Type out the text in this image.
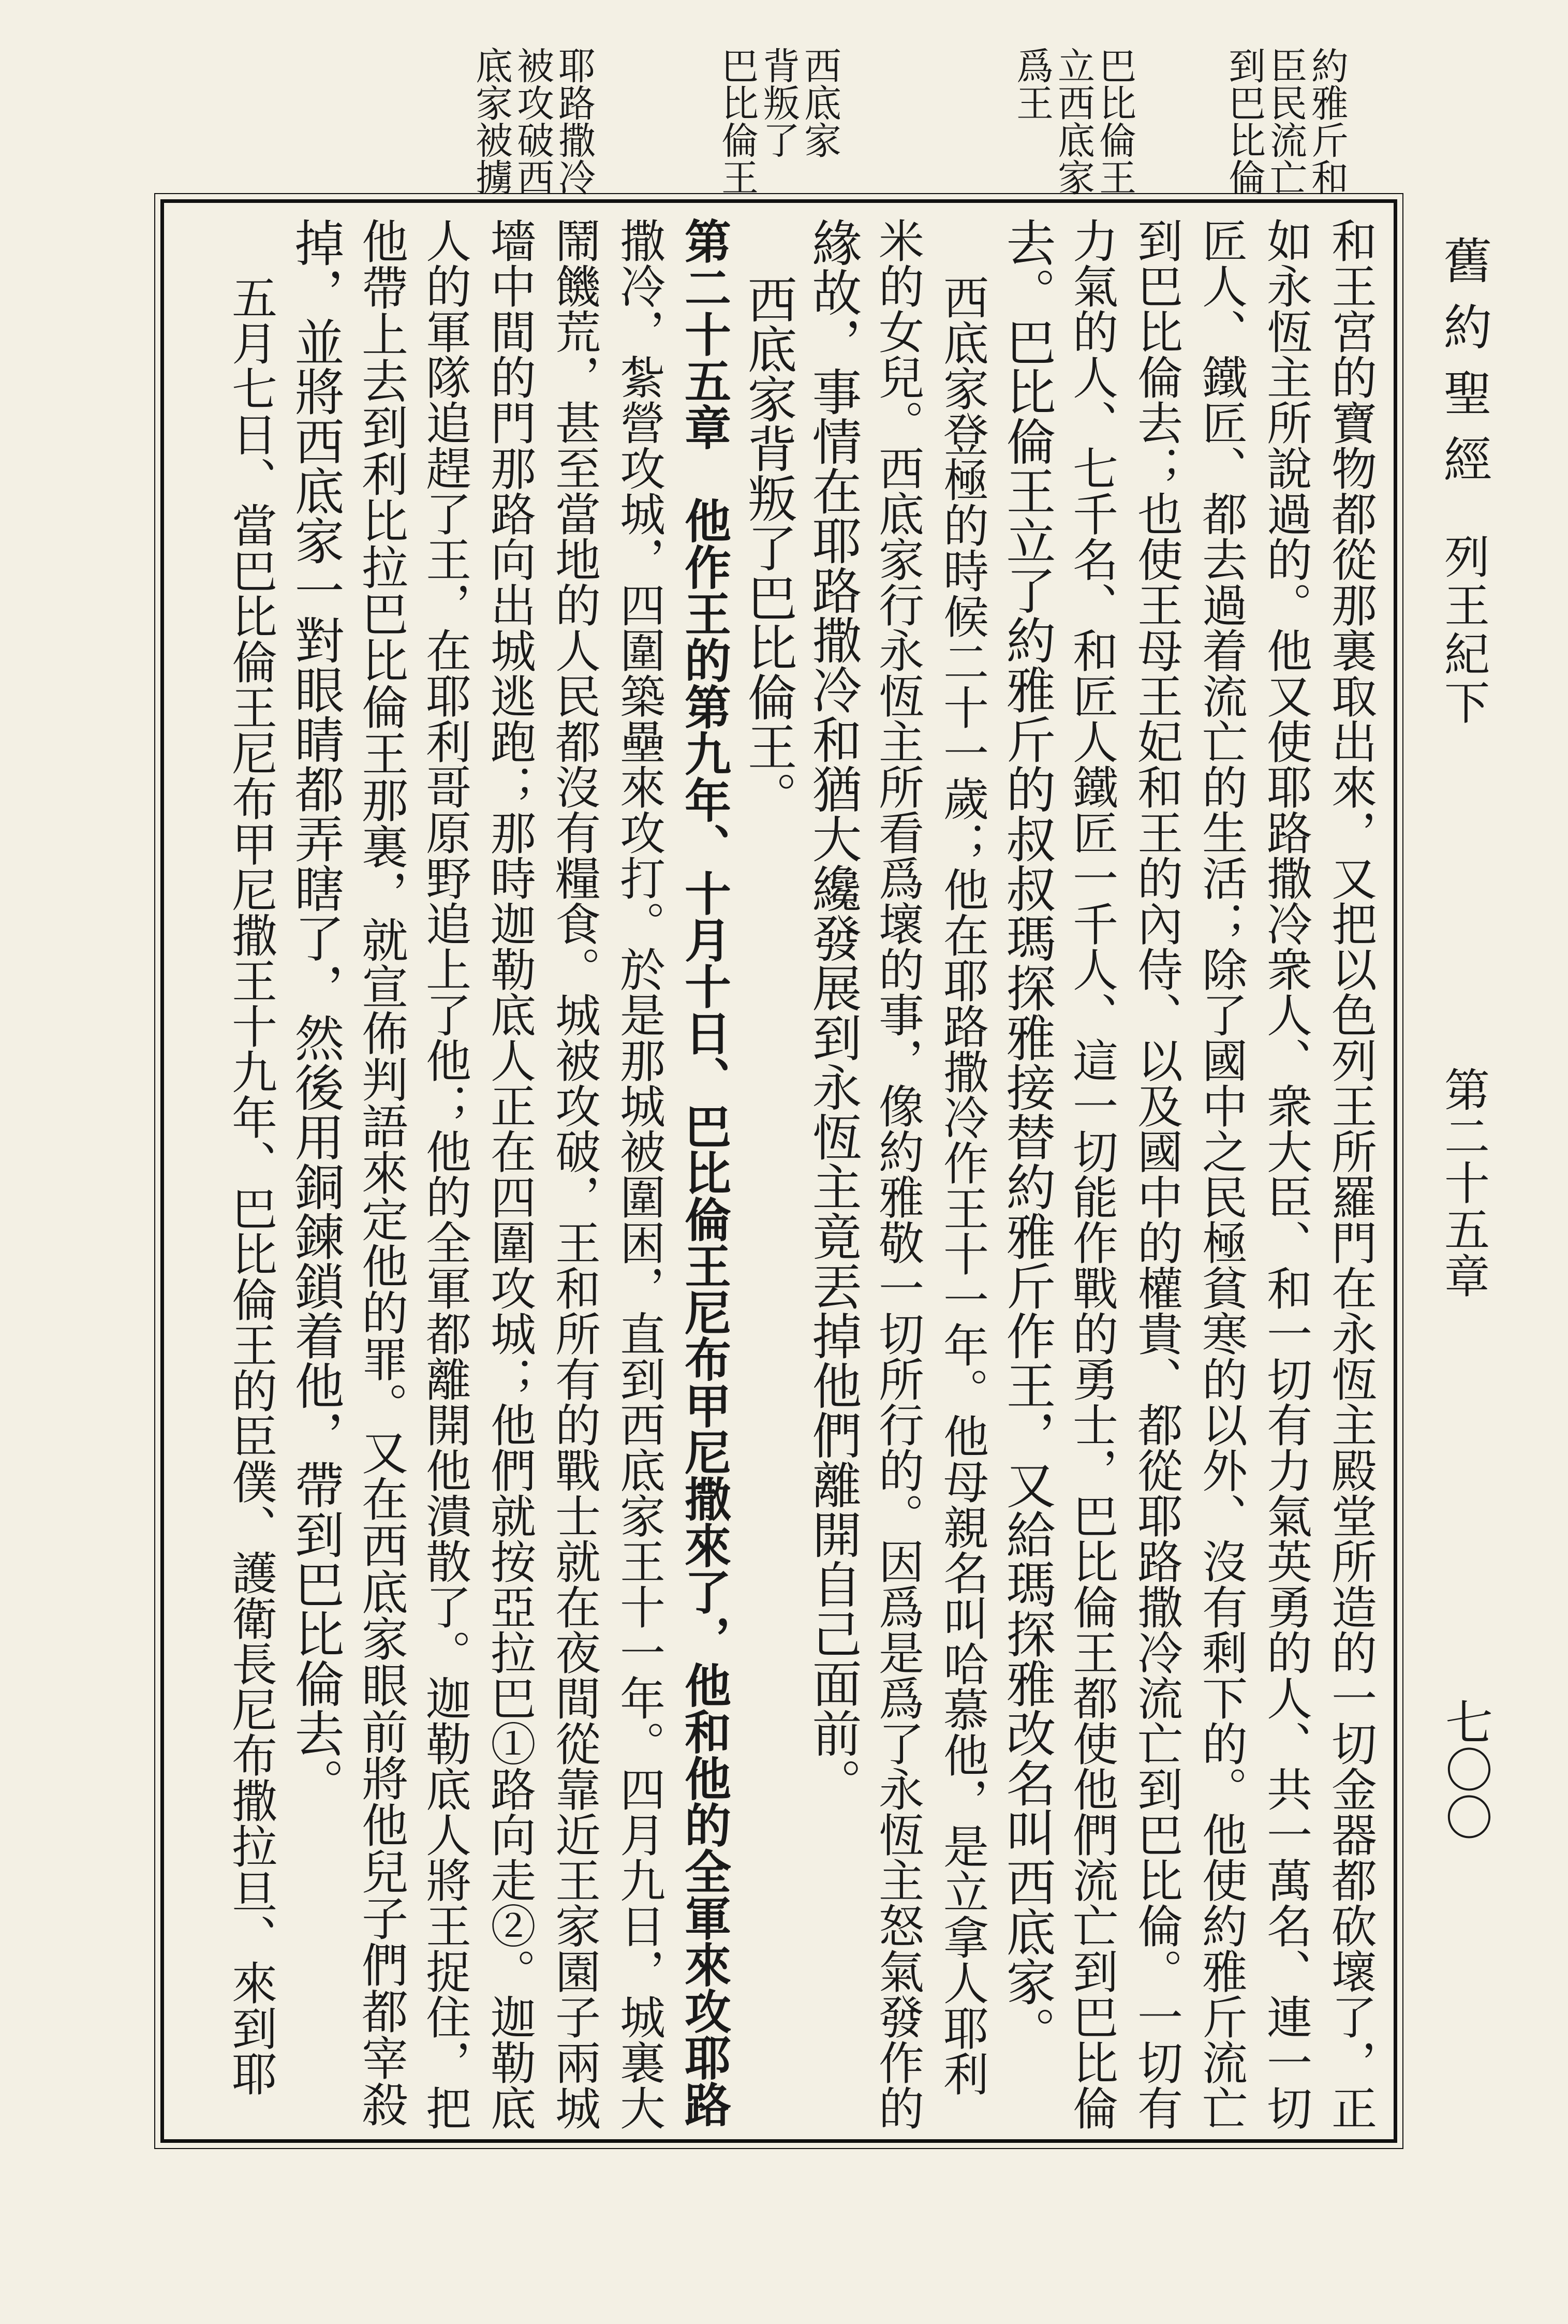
舊約聖經
列王紀下
第二十五章
七〇〇
約雅斤和
臣民流亡
到巴比倫
巴比倫王
立西底家
爲王
西底家
背叛了
巴比倫王
耶路撒冷
被攻破西
底家被擄
和王宮的寶物都從那裏取出來，又把以色列王所羅門在永恆主殿堂所造的一切金器都砍壞了，正
如永恆主所說過的。他又使耶路撒冷衆人、衆大臣、和一切有力氣英勇的人、共一萬名、連一切
匠人、鐵匠、都去過着流亡的生活；除了國中之民極貧寒的以外、沒有剩下的。他使約雅斤流亡
到巴比倫去；也使王母王妃和王的內侍、以及國中的權貴、都從耶路撒冷流亡到巴比倫。一切有
力氣的人、七千名、和匠人鐵匠一千人、這一切能作戰的勇士，巴比倫王都使他們流亡到巴比倫
去。巴比倫王立了約雅斤的叔叔瑪探雅接替約雅斤作王，又給瑪探雅改名叫西底家。
西底家登極的時候二十一歲；他在耶路撒冷作王十一年。他母親名叫哈慕他，是立拿人耶利
米的女兒。西底家行永恆主所看爲壞的事，像約雅敬一切所行的。因爲是爲了永恆主怒氣發作的
緣故，事情在耶路撒冷和猶大纔發展到永恆主竟丟掉他們離開自己面前。
西底家背叛了巴比倫王。
第二十五章　他作王的第九年、十月十日、巴比倫王尼布甲尼撒來了，他和他的全軍來攻耶路
撒冷，紮營攻城，四圍築壘來攻打。於是那城被圍困，直到西底家王十一年。四月九日，城裏大
鬧饑荒，甚至當地的人民都沒有糧食。城被攻破，王和所有的戰士就在夜間從靠近王家園子兩城
墻中間的門那路向出城逃跑；那時迦勒底人正在四圍攻城；他們就按亞拉巴①路向走②。迦勒底
人的軍隊追趕了王，在耶利哥原野追上了他；他的全軍都離開他潰散了。迦勒底人將王捉住，把
他帶上去到利比拉巴比倫王那裏，就宣佈判語來定他的罪。又在西底家眼前將他兒子們都宰殺
掉，並將西底家一對眼睛都弄瞎了，然後用銅鍊鎖着他，帶到巴比倫去。
五月七日、當巴比倫王尼布甲尼撒王十九年、巴比倫王的臣僕、護衛長尼布撒拉旦、來到耶
